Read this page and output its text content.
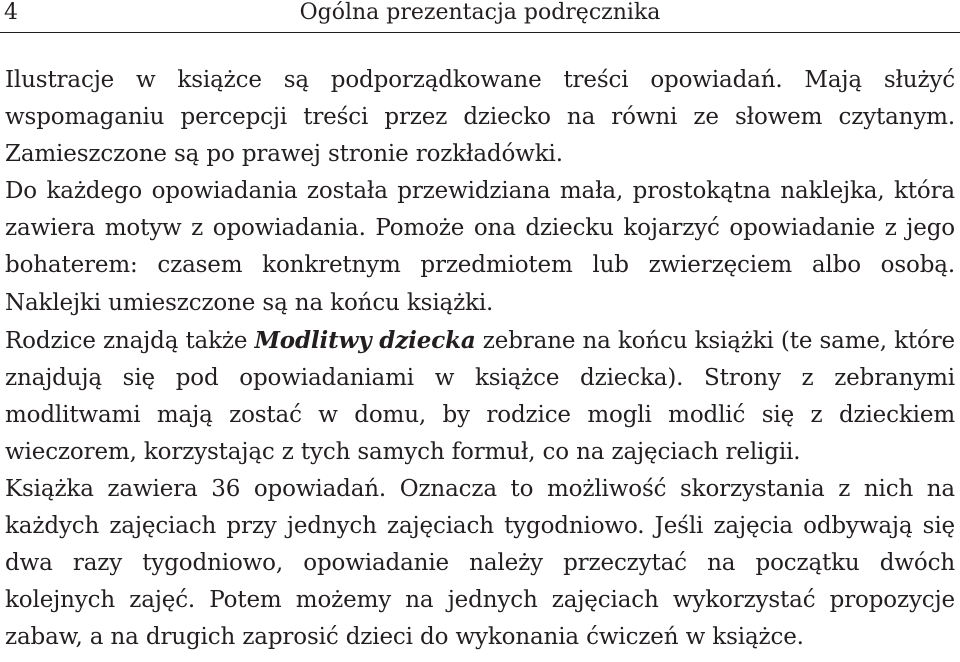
4	Ogólna prezentacja podręcznika

Ilustracje w książce są podporządkowane treści opowiadań. Mają służyć wspomaganiu percepcji treści przez dziecko na równi ze słowem czytanym. Zamieszczone są po prawej stronie rozkładówki.

Do każdego opowiadania została przewidziana mała, prostokątna naklejka, która zawiera motyw z opowiadania. Pomoże ona dziecku kojarzyć opowiadanie z jego bohaterem: czasem konkretnym przedmiotem lub zwierzęciem albo osobą. Naklejki umieszczone są na końcu książki.

Rodzice znajdą także Modlitwy dziecka zebrane na końcu książki (te same, które znajdują się pod opowiadaniami w książce dziecka). Strony z zebranymi modlitwami mają zostać w domu, by rodzice mogli modlić się z dzieckiem wieczorem, korzystając z tych samych formuł, co na zajęciach religii.

Książka zawiera 36 opowiadań. Oznacza to możliwość skorzystania z nich na każdych zajęciach przy jednych zajęciach tygodniowo. Jeśli zajęcia odbywają się dwa razy tygodniowo, opowiadanie należy przeczytać na początku dwóch kolejnych zajęć. Potem możemy na jednych zajęciach wykorzystać propozycje zabaw, a na drugich zaprosić dzieci do wykonania ćwiczeń w książce.
